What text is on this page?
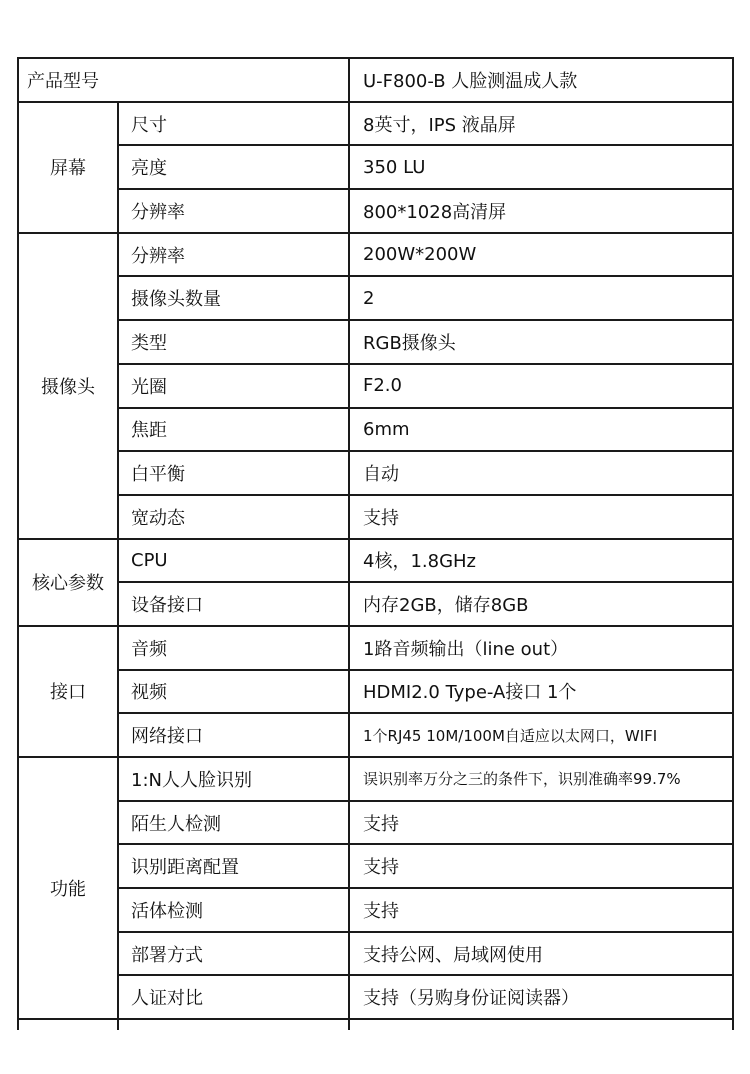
产品型号		U-F800-B 人脸测温成人款
屏幕	尺寸	8英寸，IPS 液晶屏
	亮度	350 LU
	分辨率	800*1028高清屏
摄像头	分辨率	200W*200W
	摄像头数量	2
	类型	RGB摄像头
	光圈	F2.0
	焦距	6mm
	白平衡	自动
	宽动态	支持
核心参数	CPU	4核，1.8GHz
	设备接口	内存2GB，储存8GB
接口	音频	1路音频输出（line out）
	视频	HDMI2.0 Type-A接口 1个
	网络接口	1个RJ45 10M/100M自适应以太网口，WIFI
功能	1:N人人脸识别	误识别率万分之三的条件下，识别准确率99.7%
	陌生人检测	支持
	识别距离配置	支持
	活体检测	支持
	部署方式	支持公网、局域网使用
	人证对比	支持（另购身份证阅读器）
